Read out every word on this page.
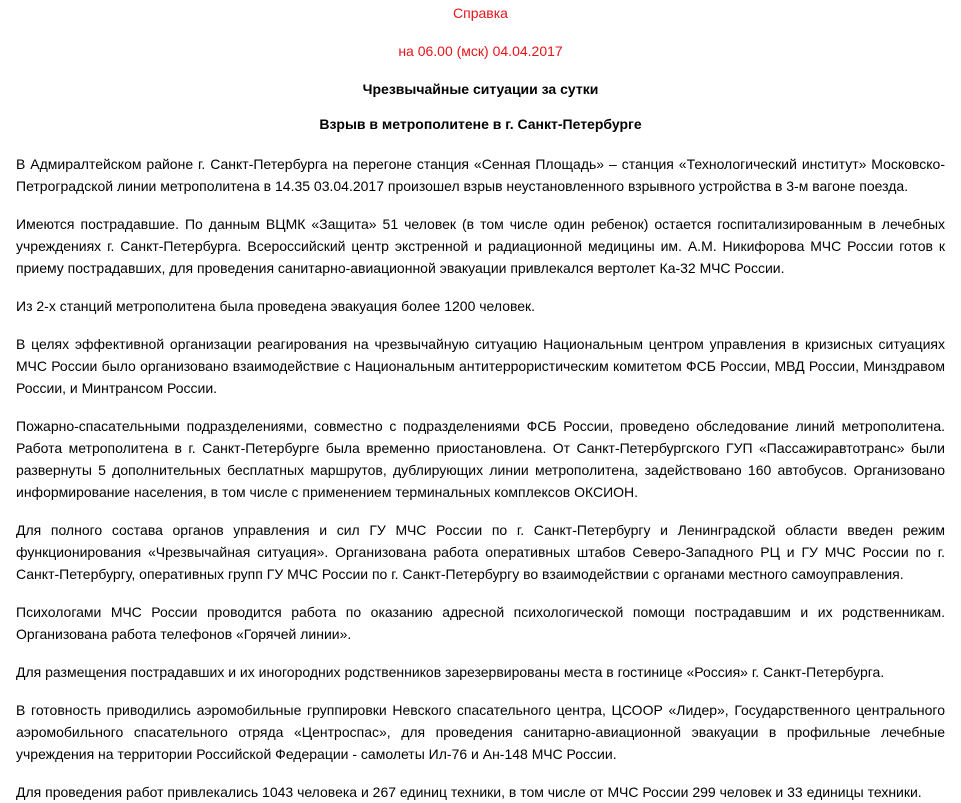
Справка

на 06.00 (мск) 04.04.2017

Чрезвычайные ситуации за сутки

Взрыв в метрополитене в г. Санкт-Петербурге

В Адмиралтейском районе г. Санкт-Петербурга на перегоне станция «Сенная Площадь» – станция «Технологический институт» Московско-Петроградской линии метрополитена в 14.35 03.04.2017 произошел взрыв неустановленного взрывного устройства в 3-м вагоне поезда.

Имеются пострадавшие. По данным ВЦМК «Защита» 51 человек (в том числе один ребенок) остается госпитализированным в лечебных учреждениях г. Санкт-Петербурга. Всероссийский центр экстренной и радиационной медицины им. А.М. Никифорова МЧС России готов к приему пострадавших, для проведения санитарно-авиационной эвакуации привлекался вертолет Ка-32 МЧС России.

Из 2-х станций метрополитена была проведена эвакуация более 1200 человек.

В целях эффективной организации реагирования на чрезвычайную ситуацию Национальным центром управления в кризисных ситуациях МЧС России было организовано взаимодействие с Национальным антитеррористическим комитетом ФСБ России, МВД России, Минздравом России, и Минтрансом России.

Пожарно-спасательными подразделениями, совместно с подразделениями ФСБ России, проведено обследование линий метрополитена. Работа метрополитена в г. Санкт-Петербурге была временно приостановлена. От Санкт-Петербургского ГУП «Пассажиравтотранс» были развернуты 5 дополнительных бесплатных маршрутов, дублирующих линии метрополитена, задействовано 160 автобусов. Организовано информирование населения, в том числе с применением терминальных комплексов ОКСИОН.

Для полного состава органов управления и сил ГУ МЧС России по г. Санкт-Петербургу и Ленинградской области введен режим функционирования «Чрезвычайная ситуация». Организована работа оперативных штабов Северо-Западного РЦ и ГУ МЧС России по г. Санкт-Петербургу, оперативных групп ГУ МЧС России по г. Санкт-Петербургу во взаимодействии с органами местного самоуправления.

Психологами МЧС России проводится работа по оказанию адресной психологической помощи пострадавшим и их родственникам. Организована работа телефонов «Горячей линии».

Для размещения пострадавших и их иногородних родственников зарезервированы места в гостинице «Россия» г. Санкт-Петербурга.

В готовность приводились аэромобильные группировки Невского спасательного центра, ЦСООР «Лидер», Государственного центрального аэромобильного спасательного отряда «Центроспас», для проведения санитарно-авиационной эвакуации в профильные лечебные учреждения на территории Российской Федерации - самолеты Ил-76 и Ан-148 МЧС России.

Для проведения работ привлекались 1043 человека и 267 единиц техники, в том числе от МЧС России 299 человек и 33 единицы техники.
